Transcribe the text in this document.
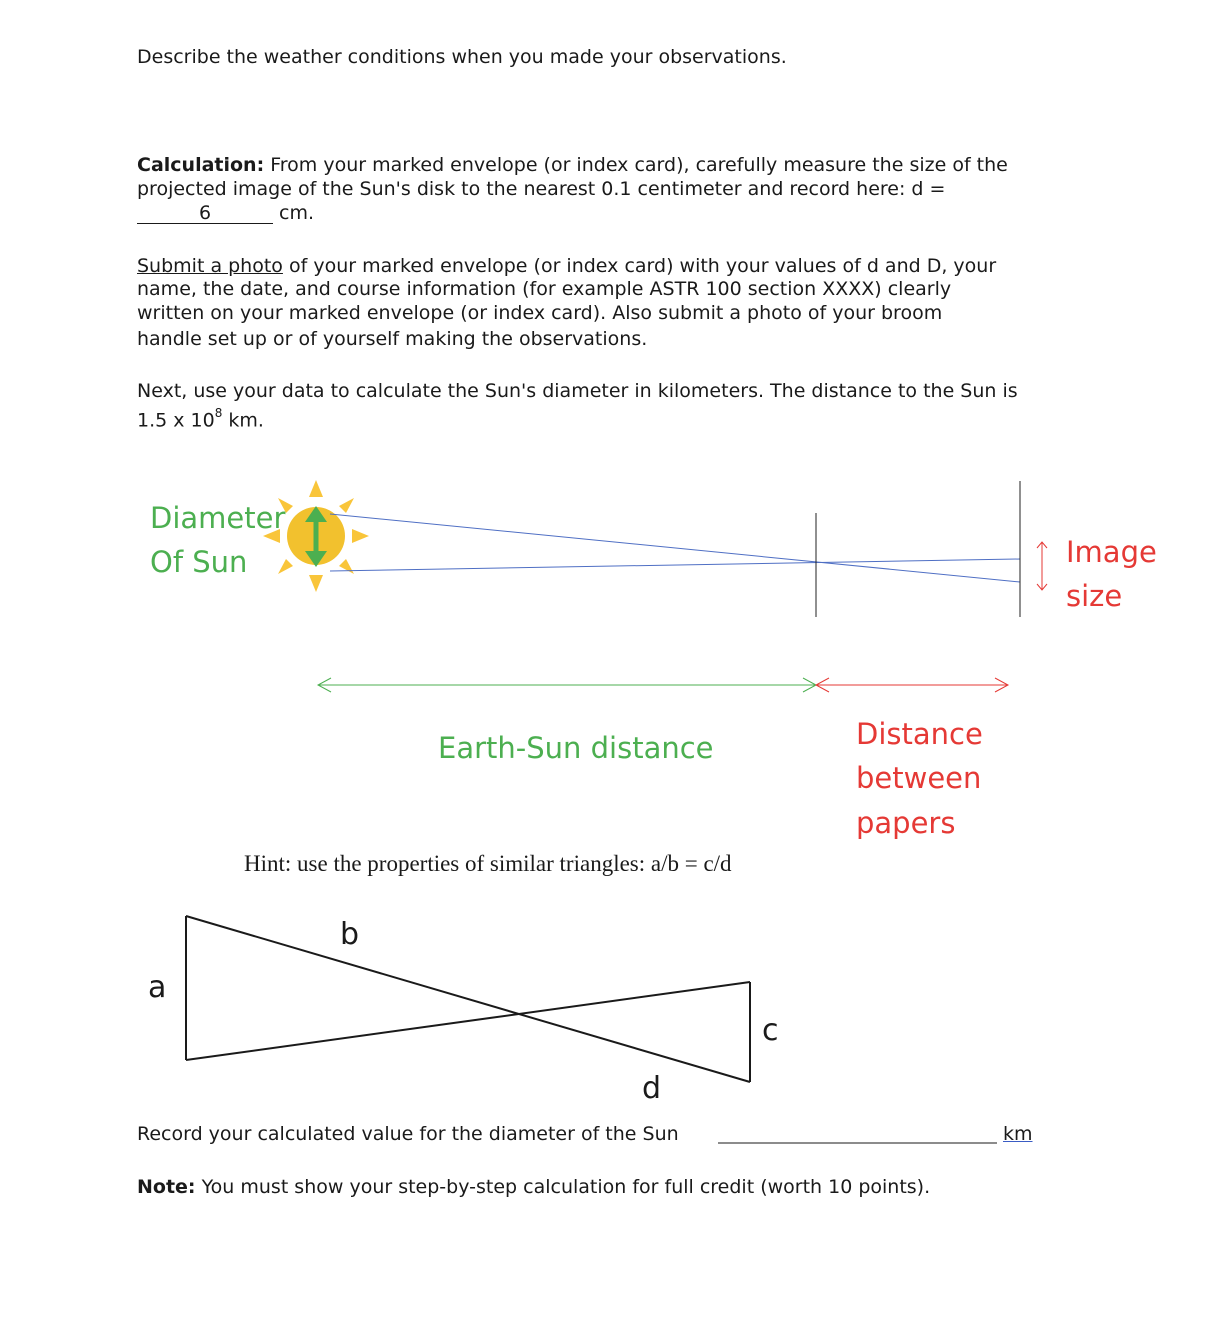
Describe the weather conditions when you made your observations.
Calculation: From your marked envelope (or index card), carefully measure the size of the
projected image of the Sun's disk to the nearest 0.1 centimeter and record here: d =
6	cm.
Submit a photo of your marked envelope (or index card) with your values of d and D, your
name, the date, and course information (for example ASTR 100 section XXXX) clearly
written on your marked envelope (or index card). Also submit a photo of your broom
handle set up or of yourself making the observations.
Next, use your data to calculate the Sun's diameter in kilometers. The distance to the Sun is
1.5 x $10^8$ km.
Diameter
Of Sun	Image
size
Earth-Sun distance	Distance
between
papers
Hint: use the properties of similar triangles: a/b = c/d
a
b
c
d
Record your calculated value for the diameter of the Sun	km
Note: You must show your step-by-step calculation for full credit (worth 10 points).
